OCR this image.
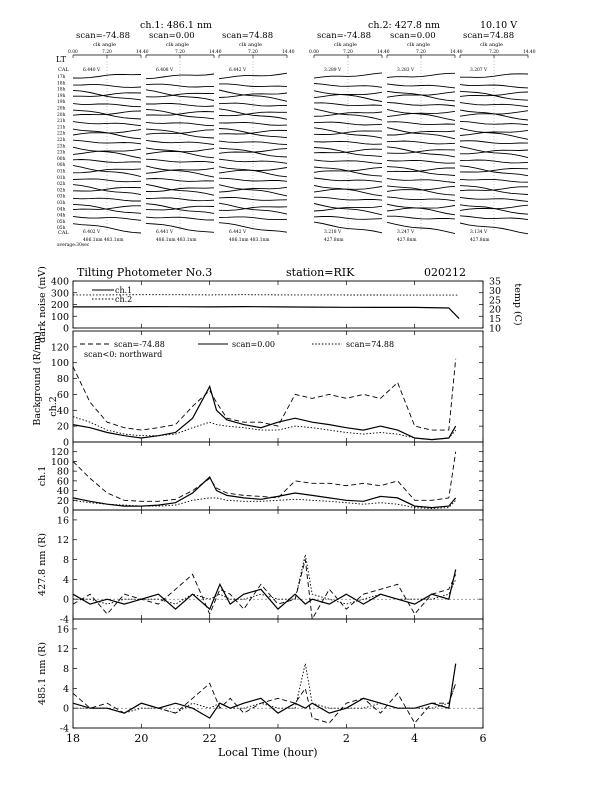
ch.1: 486.1 nm	ch.2: 427.8 nm	10.10 V
LT
average:30sec
scan=-74.88
clk angle
0.00	7.20	14.40
6.440 V
6.402 V
486.1nm 483.1nm
scan=0.00
clk angle
7.20	14.40
6.408 V
6.441 V
486.1nm 483.1nm
scan=74.88
clk angle
7.20	14.40
6.442 V
6.442 V
486.1nm 483.1nm
scan=-74.88
clk angle
0.00	7.20	14.40
3.289 V
3.218 V
427.8nm
scan=0.00
clk angle
7.20	14.40
3.283 V
3.247 V
427.8nm
scan=74.88
clk angle
7.20	14.40
3.207 V
3.134 V
427.8nm
CAL
CAL
17h
18h
18h
19h
19h
20h
20h
21h
21h
22h
22h
23h
23h
00h
00h
01h
01h
02h
02h
03h
03h
04h
04h
05h
05h
Tilting Photometer No.3	station=RIK	020212
0
100
200
300
400
10
15
20
25
30
35
temp (C)
dark noise (mV)	ch.1
ch.2
0
20
40
60
80
100
120
Background (R/nm) ch.2
scan=-74.88	scan=0.00	scan=74.88
scan<0: northward
0
20
40
60
80
100
120
ch.1
-4
0
4
8
12
16
427.8 nm (R)
-4
0
4
8
12
16
485.1 nm (R)
18	20	22	0	2	4	6
Local Time (hour)
